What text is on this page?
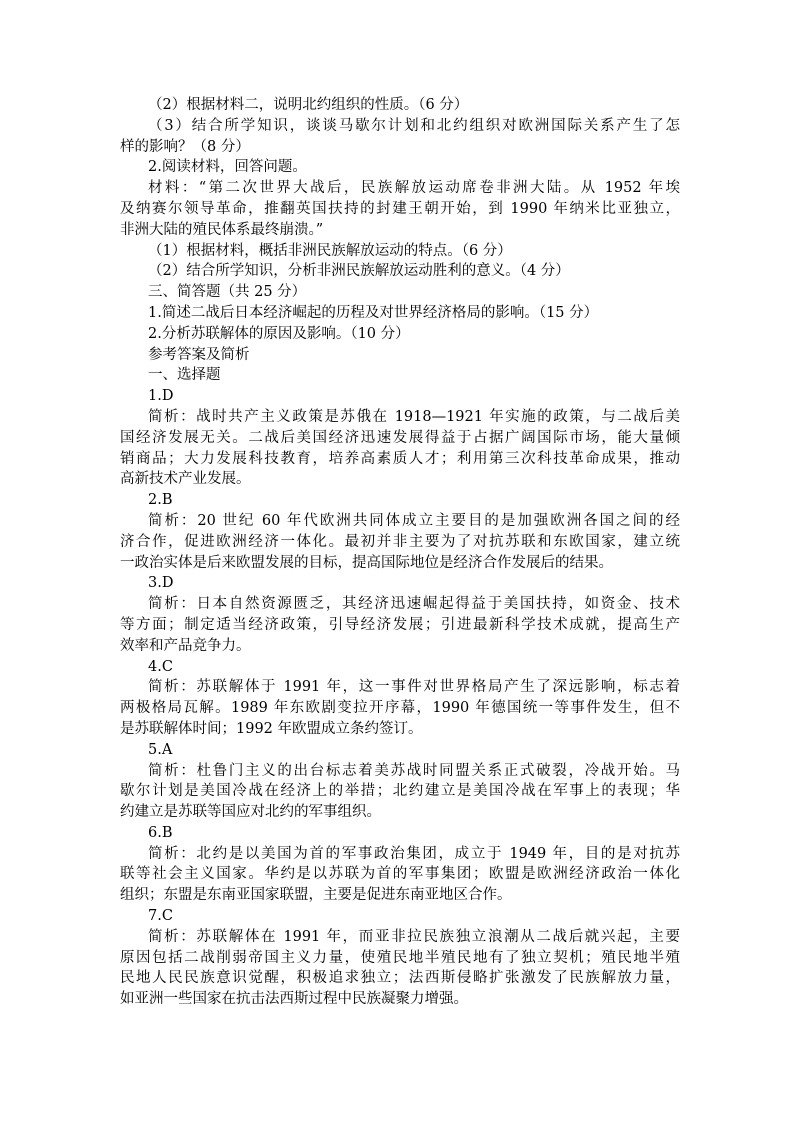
（2）根据材料二，说明北约组织的性质。（6 分）
（3）结合所学知识，谈谈马歇尔计划和北约组织对欧洲国际关系产生了怎
样的影响？（8 分）
2.阅读材料，回答问题。
材料：“第二次世界大战后，民族解放运动席卷非洲大陆。从 1952 年埃
及纳赛尔领导革命，推翻英国扶持的封建王朝开始，到 1990 年纳米比亚独立，
非洲大陆的殖民体系最终崩溃。”
（1）根据材料，概括非洲民族解放运动的特点。（6 分）
（2）结合所学知识，分析非洲民族解放运动胜利的意义。（4 分）
三、简答题（共 25 分）
1.简述二战后日本经济崛起的历程及对世界经济格局的影响。（15 分）
2.分析苏联解体的原因及影响。（10 分）
参考答案及简析
一、选择题
1.D
简析：战时共产主义政策是苏俄在 1918—1921 年实施的政策，与二战后美
国经济发展无关。二战后美国经济迅速发展得益于占据广阔国际市场，能大量倾
销商品；大力发展科技教育，培养高素质人才；利用第三次科技革命成果，推动
高新技术产业发展。
2.B
简析：20 世纪 60 年代欧洲共同体成立主要目的是加强欧洲各国之间的经
济合作，促进欧洲经济一体化。最初并非主要为了对抗苏联和东欧国家，建立统
一政治实体是后来欧盟发展的目标，提高国际地位是经济合作发展后的结果。
3.D
简析：日本自然资源匮乏，其经济迅速崛起得益于美国扶持，如资金、技术
等方面；制定适当经济政策，引导经济发展；引进最新科学技术成就，提高生产
效率和产品竞争力。
4.C
简析：苏联解体于 1991 年，这一事件对世界格局产生了深远影响，标志着
两极格局瓦解。1989 年东欧剧变拉开序幕，1990 年德国统一等事件发生，但不
是苏联解体时间；1992 年欧盟成立条约签订。
5.A
简析：杜鲁门主义的出台标志着美苏战时同盟关系正式破裂，冷战开始。马
歇尔计划是美国冷战在经济上的举措；北约建立是美国冷战在军事上的表现；华
约建立是苏联等国应对北约的军事组织。
6.B
简析：北约是以美国为首的军事政治集团，成立于 1949 年，目的是对抗苏
联等社会主义国家。华约是以苏联为首的军事集团；欧盟是欧洲经济政治一体化
组织；东盟是东南亚国家联盟，主要是促进东南亚地区合作。
7.C
简析：苏联解体在 1991 年，而亚非拉民族独立浪潮从二战后就兴起，主要
原因包括二战削弱帝国主义力量，使殖民地半殖民地有了独立契机；殖民地半殖
民地人民民族意识觉醒，积极追求独立；法西斯侵略扩张激发了民族解放力量，
如亚洲一些国家在抗击法西斯过程中民族凝聚力增强。
